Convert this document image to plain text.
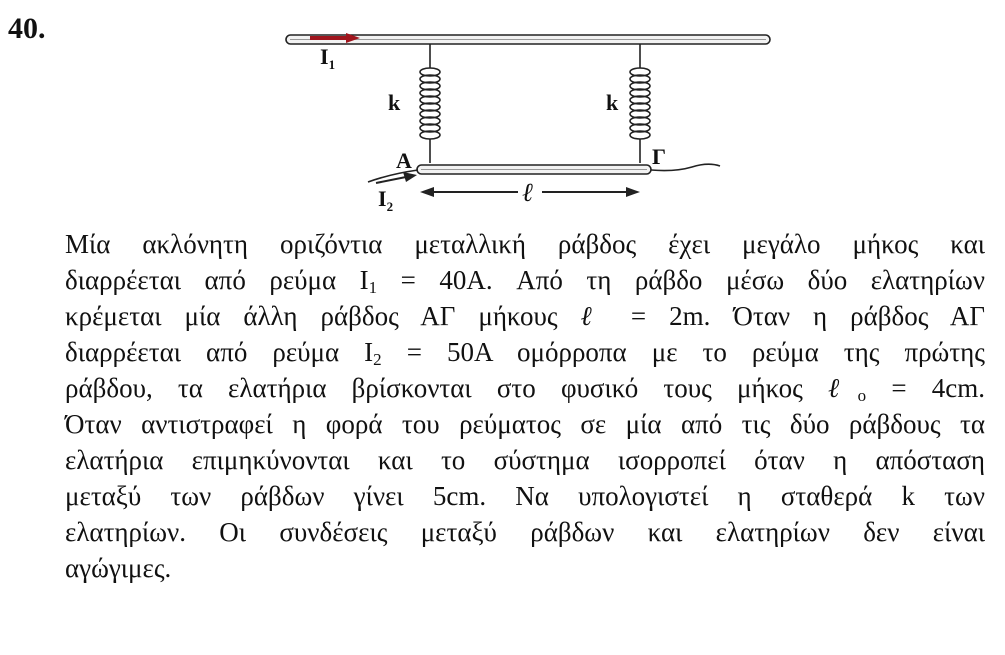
40.
$I_1$
k	k
A	Γ
$I_2$	ℓ
Μία ακλόνητη οριζόντια μεταλλική ράβδος έχει μεγάλο μήκος και
διαρρέεται από ρεύμα $I_1 = 40A$. Από τη ράβδο μέσω δύο ελατηρίων
κρέμεται μία άλλη ράβδος ΑΓ μήκους ℓ = 2m. Όταν η ράβδος ΑΓ
διαρρέεται από ρεύμα $I_2 = 50A$ ομόρροπα με το ρεύμα της πρώτης
ράβδου, τα ελατήρια βρίσκονται στο φυσικό τους μήκος ℓ$_o$ = 4cm.
Όταν αντιστραφεί η φορά του ρεύματος σε μία από τις δύο ράβδους τα
ελατήρια επιμηκύνονται και το σύστημα ισορροπεί όταν η απόσταση
μεταξύ των ράβδων γίνει 5cm. Να υπολογιστεί η σταθερά k των
ελατηρίων. Οι συνδέσεις μεταξύ ράβδων και ελατηρίων δεν είναι
αγώγιμες.
